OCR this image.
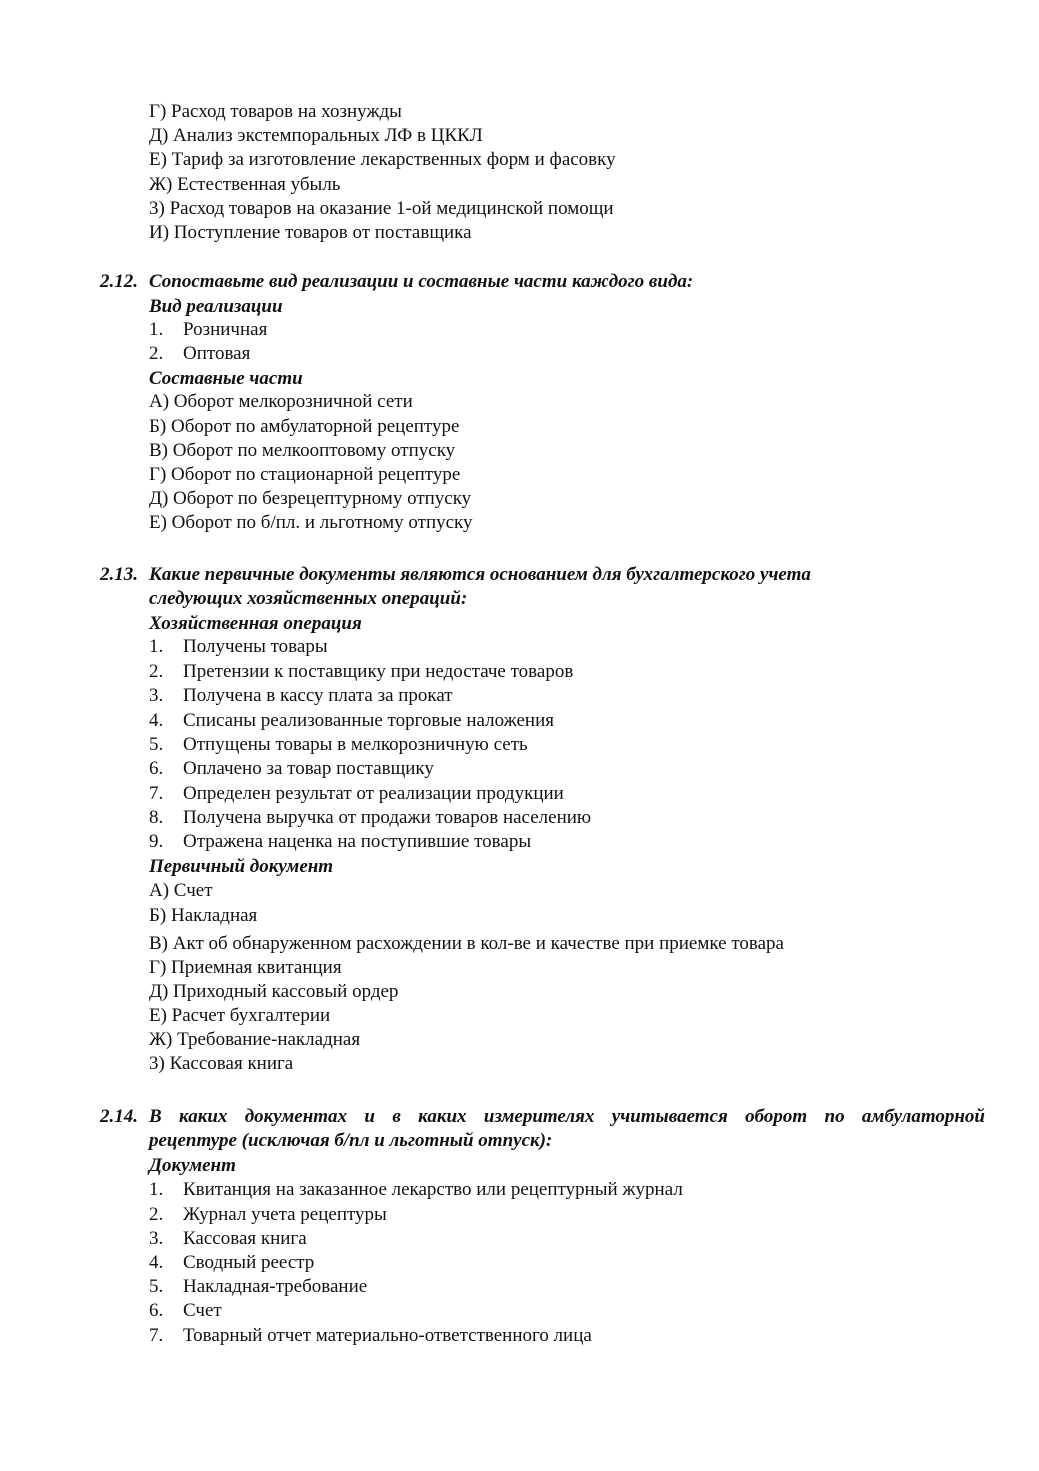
Г) Расход товаров на хознужды
Д) Анализ экстемпоральных ЛФ в ЦККЛ
Е) Тариф за изготовление лекарственных форм и фасовку
Ж) Естественная убыль
3) Расход товаров на оказание 1-ой медицинской помощи
И) Поступление товаров от поставщика
2.12. Сопоставьте вид реализации и составные части каждого вида:
Вид реализации
1. Розничная
2. Оптовая
Составные части
А) Оборот мелкорозничной сети
Б) Оборот по амбулаторной рецептуре
В) Оборот по мелкооптовому отпуску
Г) Оборот по стационарной рецептуре
Д) Оборот по безрецептурному отпуску
Е) Оборот по б/пл. и льготному отпуску
2.13. Какие первичные документы являются основанием для бухгалтерского учета
следующих хозяйственных операций:
Хозяйственная операция
1. Получены товары
2. Претензии к поставщику при недостаче товаров
3. Получена в кассу плата за прокат
4. Списаны реализованные торговые наложения
5. Отпущены товары в мелкорозничную сеть
6. Оплачено за товар поставщику
7. Определен результат от реализации продукции
8. Получена выручка от продажи товаров населению
9. Отражена наценка на поступившие товары
Первичный документ
А) Счет
Б) Накладная
В) Акт об обнаруженном расхождении в кол-ве и качестве при приемке товара
Г) Приемная квитанция
Д) Приходный кассовый ордер
Е) Расчет бухгалтерии
Ж) Требование-накладная
3) Кассовая книга
2.14. В каких документах и в каких измерителях учитывается оборот по амбулаторной
рецептуре (исключая б/пл и льготный отпуск):
Документ
1. Квитанция на заказанное лекарство или рецептурный журнал
2. Журнал учета рецептуры
3. Кассовая книга
4. Сводный реестр
5. Накладная-требование
6. Счет
7. Товарный отчет материально-ответственного лица
